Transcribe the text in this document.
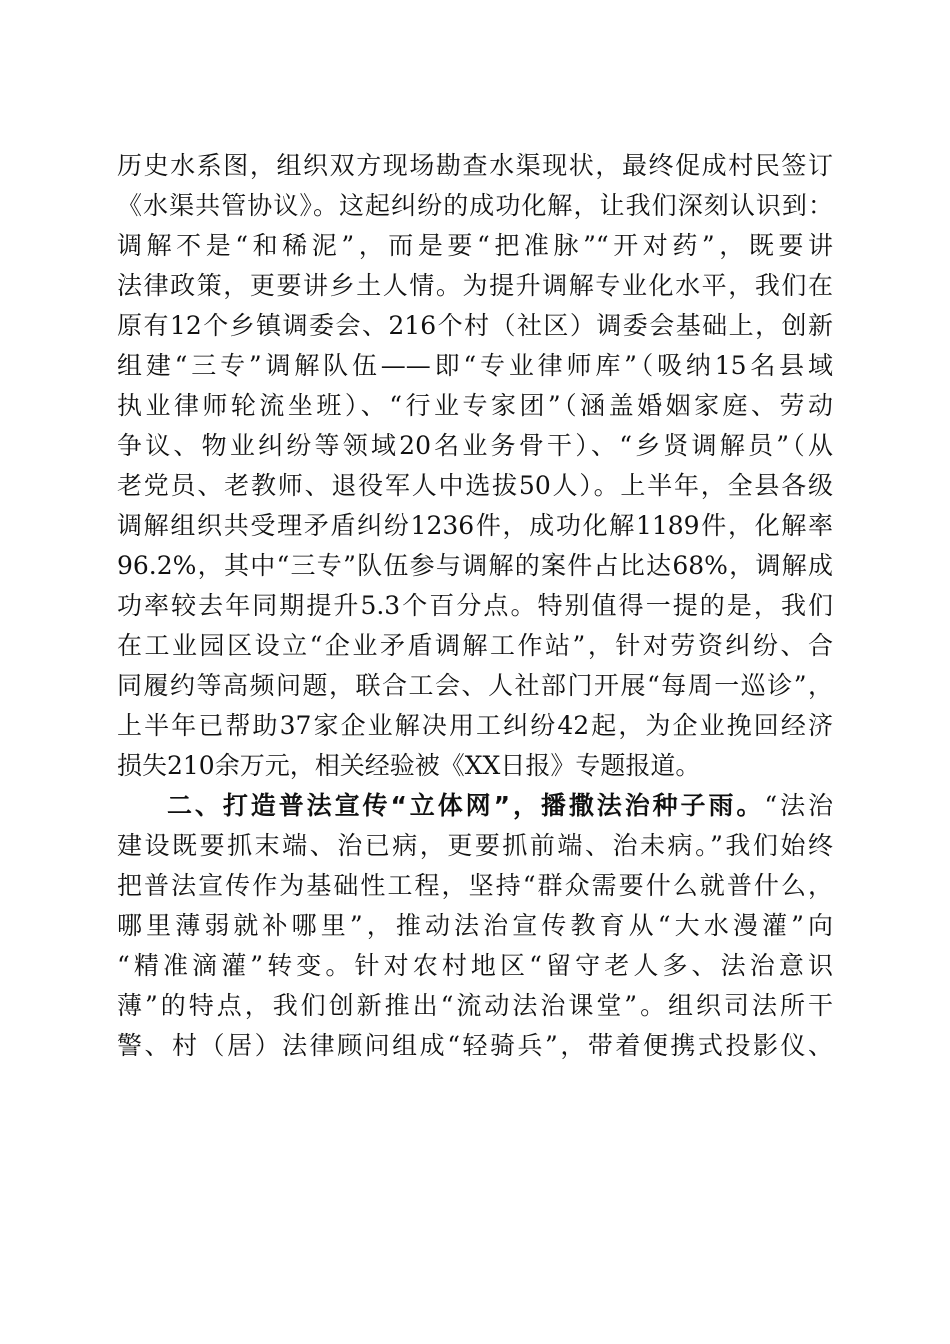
历史水系图，组织双方现场勘查水渠现状，最终促成村民签订
《水渠共管协议》。这起纠纷的成功化解，让我们深刻认识到：
调解不是“和稀泥”，而是要“把准脉”“开对药”，既要讲
法律政策，更要讲乡土人情。为提升调解专业化水平，我们在
原有12个乡镇调委会、216个村（社区）调委会基础上，创新
组建“三专”调解队伍——即“专业律师库”（吸纳15名县域
执业律师轮流坐班）、“行业专家团”（涵盖婚姻家庭、劳动
争议、物业纠纷等领域20名业务骨干）、“乡贤调解员”（从
老党员、老教师、退役军人中选拔50人）。上半年，全县各级
调解组织共受理矛盾纠纷1236件，成功化解1189件，化解率
96.2%，其中“三专”队伍参与调解的案件占比达68%，调解成
功率较去年同期提升5.3个百分点。特别值得一提的是，我们
在工业园区设立“企业矛盾调解工作站”，针对劳资纠纷、合
同履约等高频问题，联合工会、人社部门开展“每周一巡诊”，
上半年已帮助37家企业解决用工纠纷42起，为企业挽回经济
损失210余万元，相关经验被《XX日报》专题报道。
二、打造普法宣传“立体网”，播撒法治种子雨。“法治
建设既要抓末端、治已病，更要抓前端、治未病。”我们始终
把普法宣传作为基础性工程，坚持“群众需要什么就普什么，
哪里薄弱就补哪里”，推动法治宣传教育从“大水漫灌”向
“精准滴灌”转变。针对农村地区“留守老人多、法治意识
薄”的特点，我们创新推出“流动法治课堂”。组织司法所干
警、村（居）法律顾问组成“轻骑兵”，带着便携式投影仪、
